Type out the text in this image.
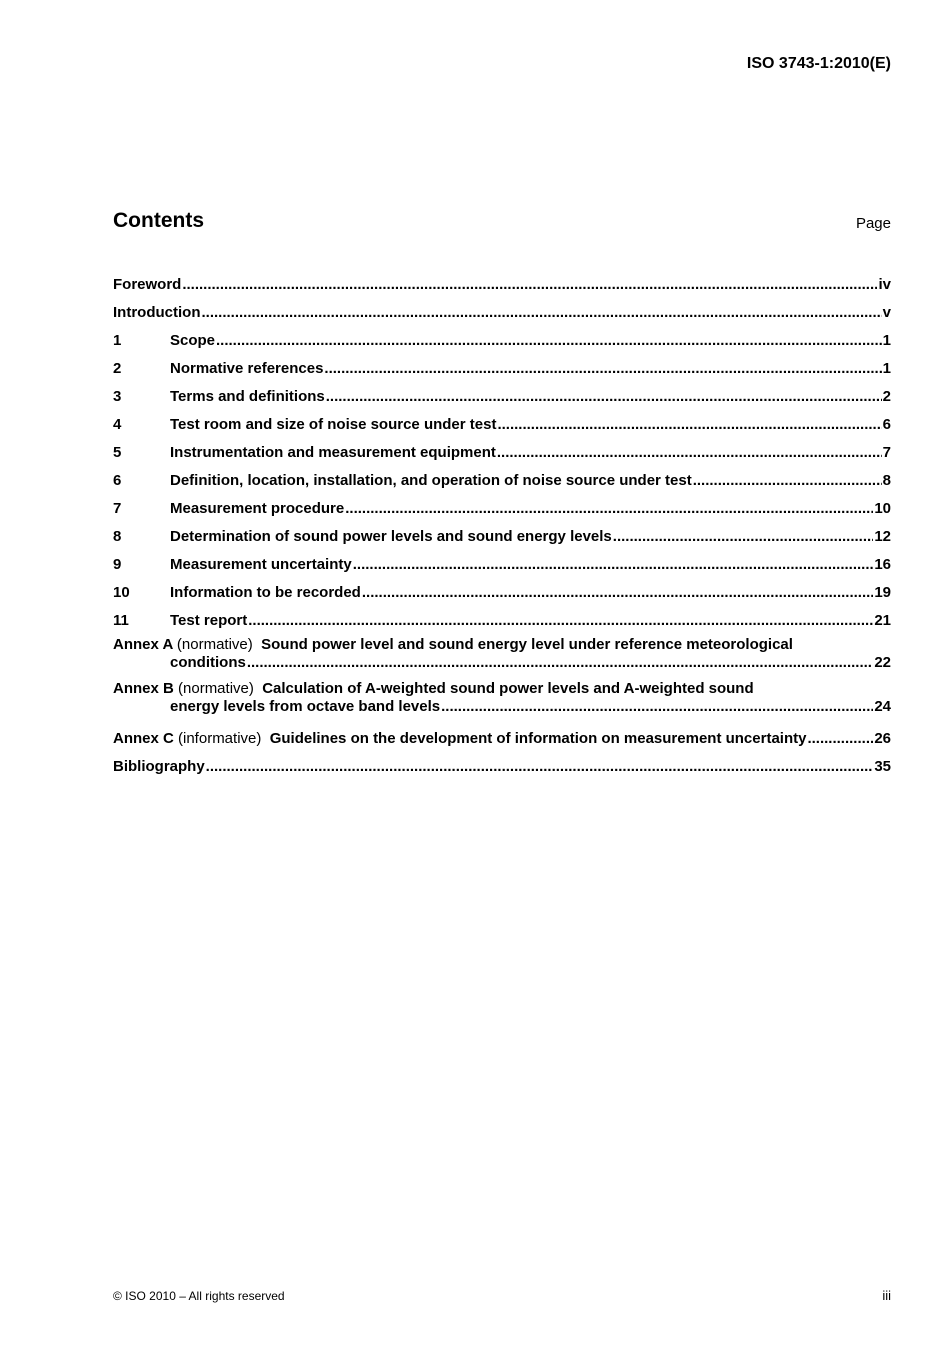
ISO 3743-1:2010(E)
Contents	Page
Foreword .....	iv
Introduction .....	v
1	Scope .....	1
2	Normative references .....	1
3	Terms and definitions .....	2
4	Test room and size of noise source under test .....	6
5	Instrumentation and measurement equipment .....	7
6	Definition, location, installation, and operation of noise source under test .....	8
7	Measurement procedure .....	10
8	Determination of sound power levels and sound energy levels .....	12
9	Measurement uncertainty .....	16
10	Information to be recorded .....	19
11	Test report .....	21
Annex A (normative) Sound power level and sound energy level under reference meteorological
conditions .....	22
Annex B (normative) Calculation of A-weighted sound power levels and A-weighted sound
energy levels from octave band levels .....	24
Annex C (informative) Guidelines on the development of information on measurement uncertainty .....	26
Bibliography .....	35
© ISO 2010 – All rights reserved	iii
